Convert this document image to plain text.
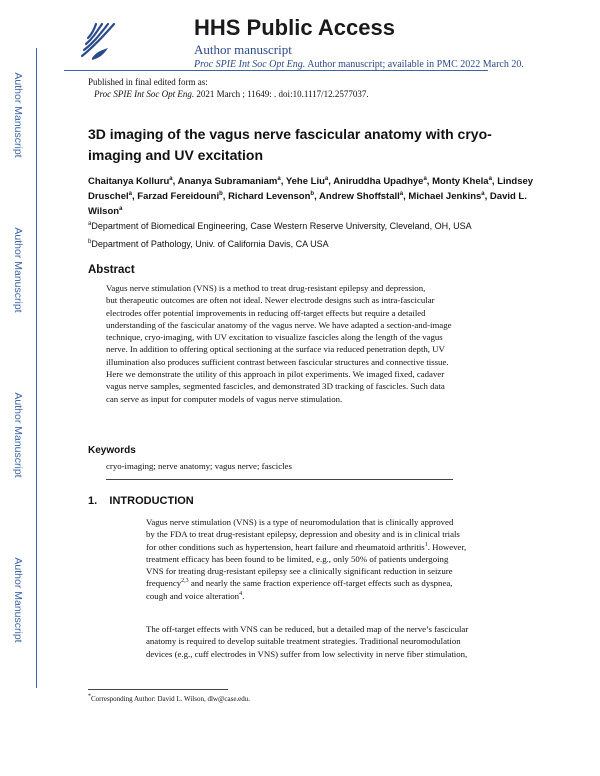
Author Manuscript
Author Manuscript
Author Manuscript
Author Manuscript
HHS Public Access
Author manuscript
Proc SPIE Int Soc Opt Eng. Author manuscript; available in PMC 2022 March 20.
Published in final edited form as:
Proc SPIE Int Soc Opt Eng. 2021 March ; 11649: . doi:10.1117/12.2577037.
3D imaging of the vagus nerve fascicular anatomy with cryo-imaging and UV excitation
Chaitanya Kolluru$^a$, Ananya Subramaniam$^a$, Yehe Liu$^a$, Aniruddha Upadhye$^a$, Monty Khela$^a$, Lindsey Druschel$^a$, Farzad Fereidouni$^b$, Richard Levenson$^b$, Andrew Shoffstall$^a$, Michael Jenkins$^a$, David L. Wilson$^a$
$^a$Department of Biomedical Engineering, Case Western Reserve University, Cleveland, OH, USA
$^b$Department of Pathology, Univ. of California Davis, CA USA
Abstract
Vagus nerve stimulation (VNS) is a method to treat drug-resistant epilepsy and depression,
but therapeutic outcomes are often not ideal. Newer electrode designs such as intra-fascicular
electrodes offer potential improvements in reducing off-target effects but require a detailed
understanding of the fascicular anatomy of the vagus nerve. We have adapted a section-and-image
technique, cryo-imaging, with UV excitation to visualize fascicles along the length of the vagus
nerve. In addition to offering optical sectioning at the surface via reduced penetration depth, UV
illumination also produces sufficient contrast between fascicular structures and connective tissue.
Here we demonstrate the utility of this approach in pilot experiments. We imaged fixed, cadaver
vagus nerve samples, segmented fascicles, and demonstrated 3D tracking of fascicles. Such data
can serve as input for computer models of vagus nerve stimulation.
Keywords
cryo-imaging; nerve anatomy; vagus nerve; fascicles
1. INTRODUCTION
Vagus nerve stimulation (VNS) is a type of neuromodulation that is clinically approved
by the FDA to treat drug-resistant epilepsy, depression and obesity and is in clinical trials
for other conditions such as hypertension, heart failure and rheumatoid arthritis$^1$. However,
treatment efficacy has been found to be limited, e.g., only 50% of patients undergoing
VNS for treating drug-resistant epilepsy see a clinically significant reduction in seizure
frequency$^{2,3}$ and nearly the same fraction experience off-target effects such as dyspnea,
cough and voice alteration$^4$.
The off-target effects with VNS can be reduced, but a detailed map of the nerve’s fascicular
anatomy is required to develop suitable treatment strategies. Traditional neuromodulation
devices (e.g., cuff electrodes in VNS) suffer from low selectivity in nerve fiber stimulation,
*Corresponding Author: David L. Wilson, dlw@case.edu.
